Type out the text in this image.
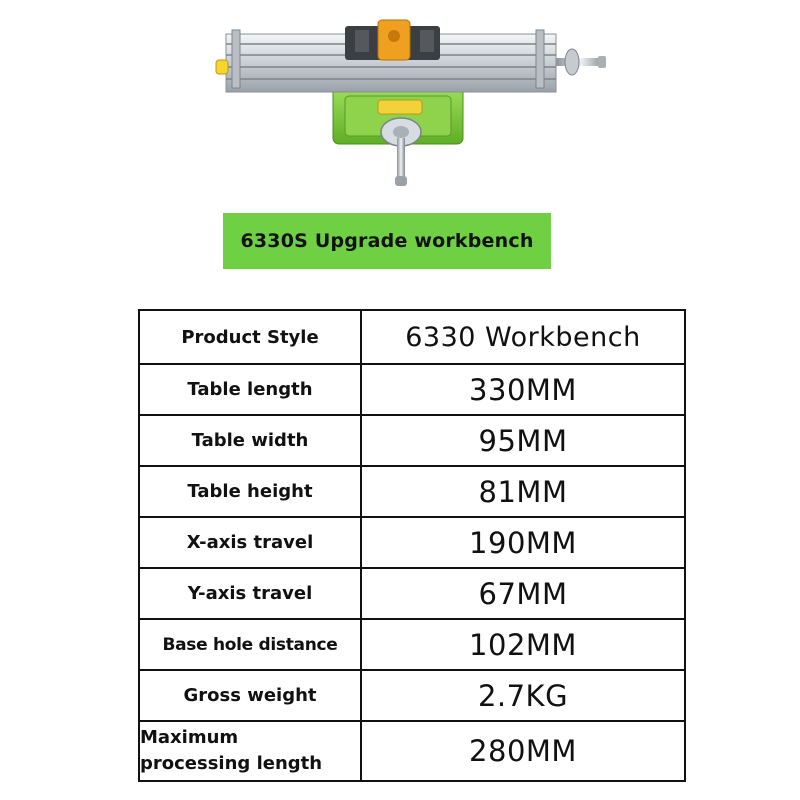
6330S Upgrade workbench
Product Style	6330 Workbench
Table length	330MM
Table width	95MM
Table height	81MM
X-axis travel	190MM
Y-axis travel	67MM
Base hole distance	102MM
Gross weight	2.7KG

Maximum
processing length	280MM
